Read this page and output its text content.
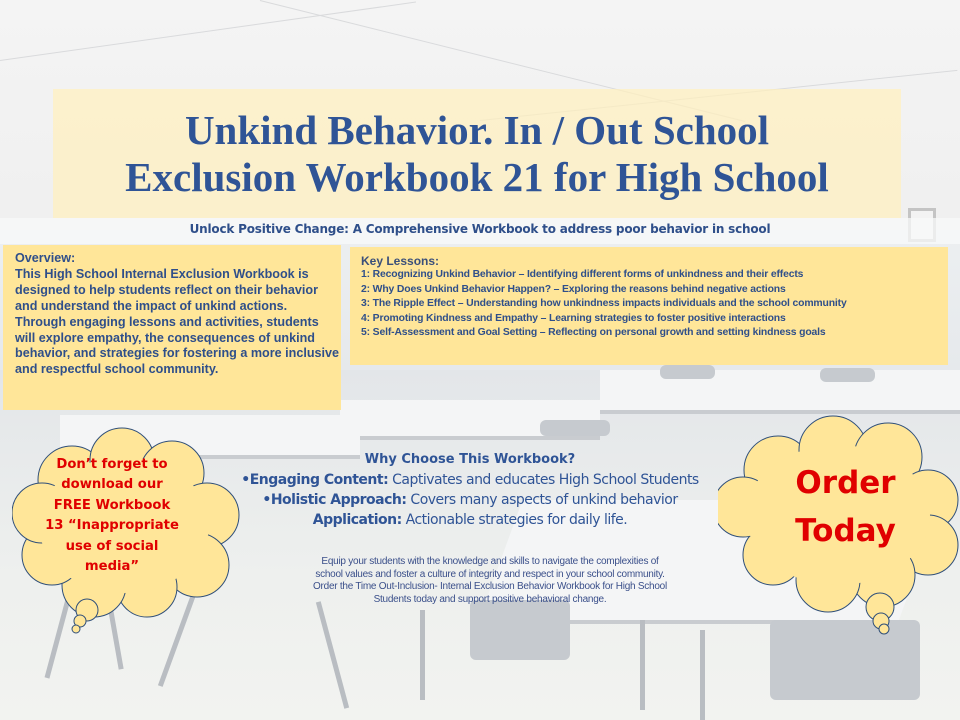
Unkind Behavior. In / Out School
Exclusion Workbook 21 for High School
Unlock Positive Change: A Comprehensive Workbook to address poor behavior in school
Overview:
This High School Internal Exclusion Workbook is designed to help students reflect on their behavior and understand the impact of unkind actions. Through engaging lessons and activities, students will explore empathy, the consequences of unkind behavior, and strategies for fostering a more inclusive and respectful school community.
Key Lessons:
1: Recognizing Unkind Behavior – Identifying different forms of unkindness and their effects
2: Why Does Unkind Behavior Happen? – Exploring the reasons behind negative actions
3: The Ripple Effect – Understanding how unkindness impacts individuals and the school community
4: Promoting Kindness and Empathy – Learning strategies to foster positive interactions
5: Self-Assessment and Goal Setting – Reflecting on personal growth and setting kindness goals
Why Choose This Workbook?
•Engaging Content: Captivates and educates High School Students
•Holistic Approach: Covers many aspects of unkind behavior
Application: Actionable strategies for daily life.
Equip your students with the knowledge and skills to navigate the complexities of
school values and foster a culture of integrity and respect in your school community.
Order the Time Out-Inclusion- Internal Exclusion Behavior Workbook for High School
Students today and support positive behavioral change.
Don’t forget to
download our
FREE Workbook
13 “Inappropriate
use of social
media”
Order
Today
